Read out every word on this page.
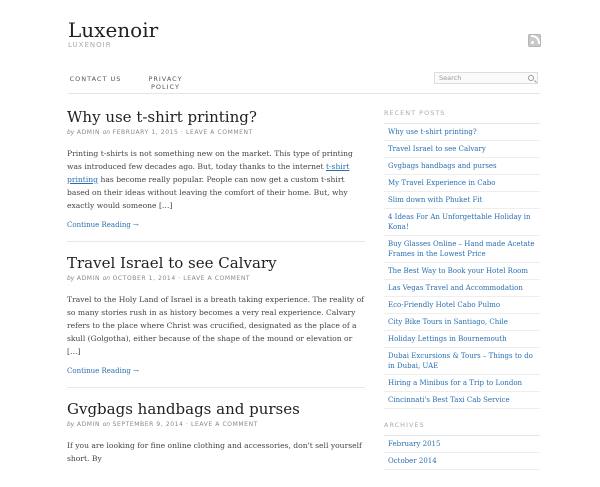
Luxenoir
LUXENOIR
CONTACT US	PRIVACY POLICY
Search
Why use t-shirt printing?
by ADMIN on FEBRUARY 1, 2015 · LEAVE A COMMENT

Printing t-shirts is not something new on the market. This type of printing was introduced few decades ago. But, today thanks to the internet t-shirt printing has become really popular. People can now get a custom t-shirt based on their ideas without leaving the comfort of their home. But, why exactly would someone […]

Continue Reading →
Travel Israel to see Calvary
by ADMIN on OCTOBER 1, 2014 · LEAVE A COMMENT

Travel to the Holy Land of Israel is a breath taking experience. The reality of so many stories rush in as history becomes a very real experience. Calvary refers to the place where Christ was crucified, designated as the place of a skull (Golgotha), either because of the shape of the mound or elevation or […]

Continue Reading →
Gvgbags handbags and purses
by ADMIN on SEPTEMBER 9, 2014 · LEAVE A COMMENT

If you are looking for fine online clothing and accessories, don't sell yourself short. By

RECENT POSTS
Why use t-shirt printing?
Travel Israel to see Calvary
Gvgbags handbags and purses
My Travel Experience in Cabo
Slim down with Phuket Fit
4 Ideas For An Unforgettable Holiday in Kona!
Buy Glasses Online – Hand made Acetate Frames in the Lowest Price
The Best Way to Book your Hotel Room
Las Vegas Travel and Accommodation
Eco-Friendly Hotel Cabo Pulmo
City Bike Tours in Santiago, Chile
Holiday Lettings in Bournemouth
Dubai Excursions & Tours – Things to do in Dubai, UAE
Hiring a Minibus for a Trip to London
Cincinnati's Best Taxi Cab Service
ARCHIVES
February 2015
October 2014
